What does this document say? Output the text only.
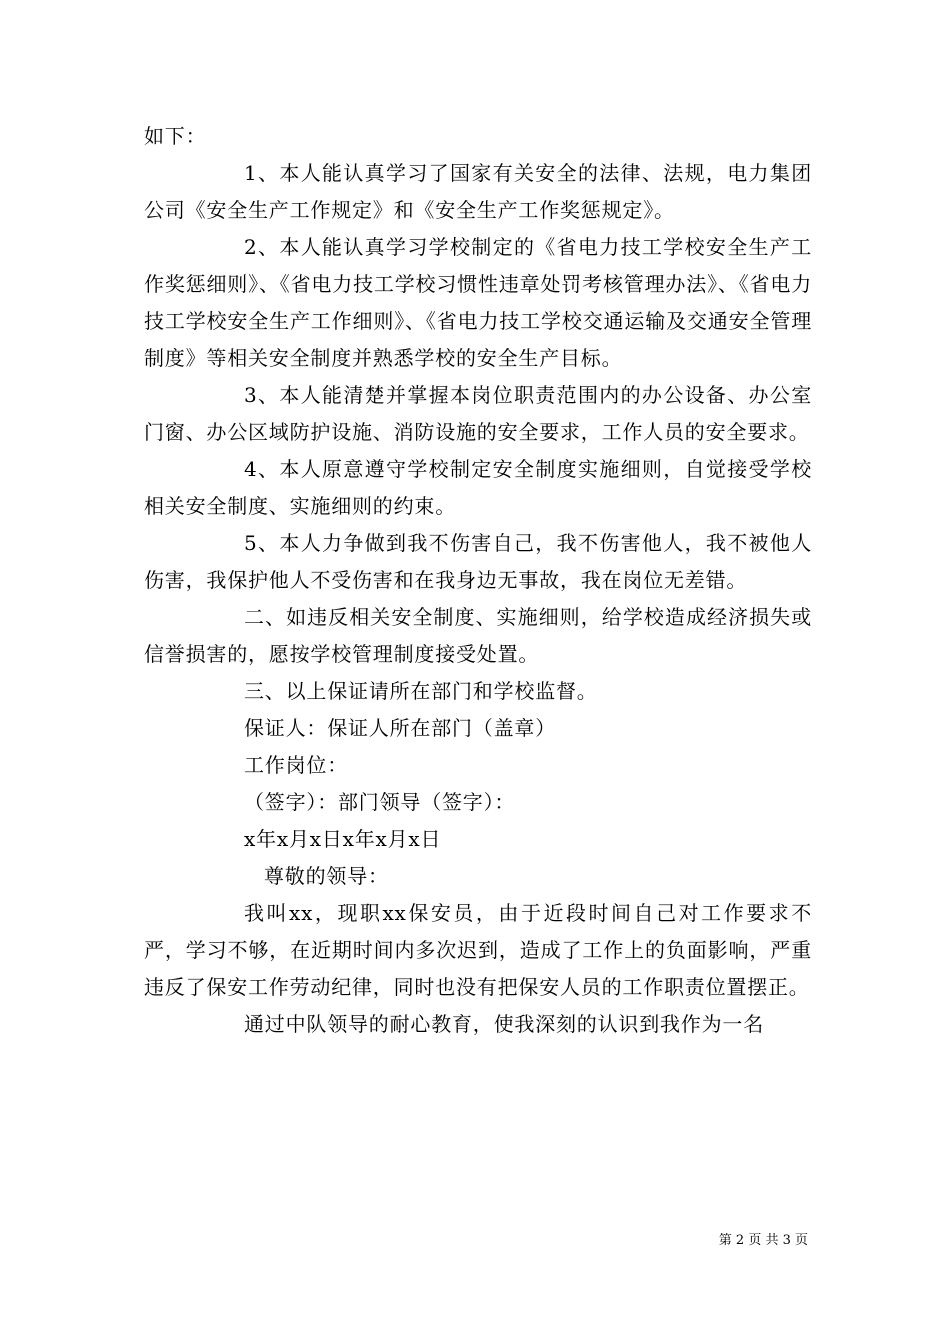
如下：

1、本人能认真学习了国家有关安全的法律、法规，电力集团公司《安全生产工作规定》和《安全生产工作奖惩规定》。

2、本人能认真学习学校制定的《省电力技工学校安全生产工作奖惩细则》、《省电力技工学校习惯性违章处罚考核管理办法》、《省电力技工学校安全生产工作细则》、《省电力技工学校交通运输及交通安全管理制度》等相关安全制度并熟悉学校的安全生产目标。

3、本人能清楚并掌握本岗位职责范围内的办公设备、办公室门窗、办公区域防护设施、消防设施的安全要求，工作人员的安全要求。

4、本人原意遵守学校制定安全制度实施细则，自觉接受学校相关安全制度、实施细则的约束。

5、本人力争做到我不伤害自己，我不伤害他人，我不被他人伤害，我保护他人不受伤害和在我身边无事故，我在岗位无差错。

二、如违反相关安全制度、实施细则，给学校造成经济损失或信誉损害的，愿按学校管理制度接受处置。

三、以上保证请所在部门和学校监督。

保证人：保证人所在部门（盖章）

工作岗位：

（签字）：部门领导（签字）：

x年x月x日x年x月x日

尊敬的领导：

我叫xx，现职xx保安员，由于近段时间自己对工作要求不严，学习不够，在近期时间内多次迟到，造成了工作上的负面影响，严重违反了保安工作劳动纪律，同时也没有把保安人员的工作职责位置摆正。

通过中队领导的耐心教育，使我深刻的认识到我作为一名

第 2 页 共 3 页
